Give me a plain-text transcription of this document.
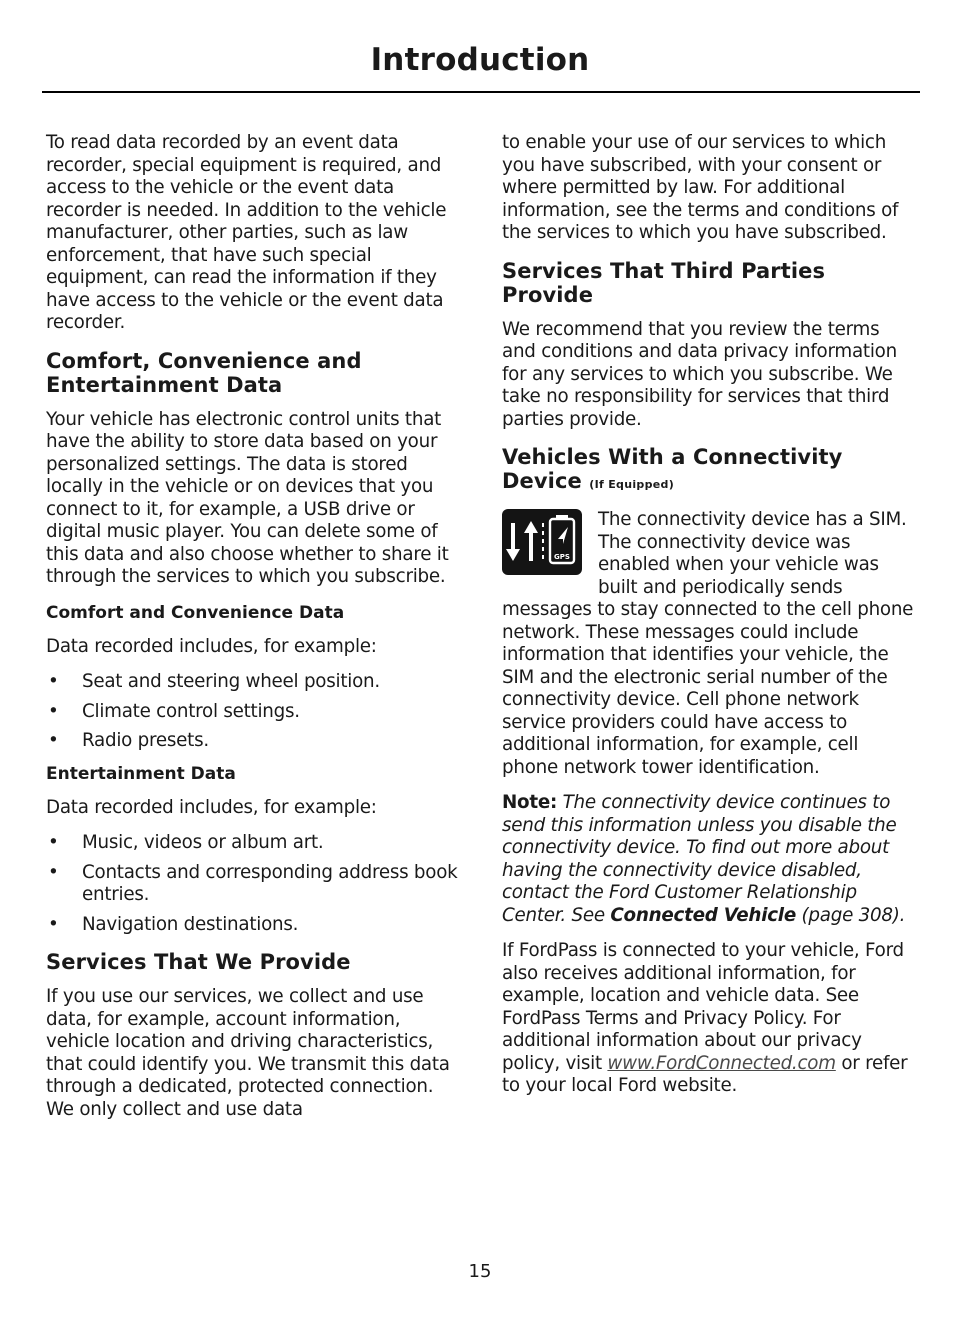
Introduction

To read data recorded by an event data recorder, special equipment is required, and access to the vehicle or the event data recorder is needed. In addition to the vehicle manufacturer, other parties, such as law enforcement, that have such special equipment, can read the information if they have access to the vehicle or the event data recorder.

Comfort, Convenience and
Entertainment Data

Your vehicle has electronic control units that have the ability to store data based on your personalized settings. The data is stored locally in the vehicle or on devices that you connect to it, for example, a USB drive or digital music player. You can delete some of this data and also choose whether to share it through the services to which you subscribe.

Comfort and Convenience Data

Data recorded includes, for example:

• Seat and steering wheel position.
• Climate control settings.
• Radio presets.
Entertainment Data

Data recorded includes, for example:

• Music, videos or album art.
• Contacts and corresponding address book entries.
• Navigation destinations.
Services That We Provide

If you use our services, we collect and use data, for example, account information, vehicle location and driving characteristics, that could identify you. We transmit this data through a dedicated, protected connection. We only collect and use data

to enable your use of our services to which you have subscribed, with your consent or where permitted by law. For additional information, see the terms and conditions of the services to which you have subscribed.

Services That Third Parties
Provide

We recommend that you review the terms and conditions and data privacy information for any services to which you subscribe. We take no responsibility for services that third parties provide.

Vehicles With a Connectivity
Device (If Equipped)
GPS

The connectivity device has a SIM. The connectivity device was enabled when your vehicle was built and periodically sends messages to stay connected to the cell phone network. These messages could include information that identifies your vehicle, the SIM and the electronic serial number of the connectivity device. Cell phone network service providers could have access to additional information, for example, cell phone network tower identification.

Note: The connectivity device continues to send this information unless you disable the connectivity device. To find out more about having the connectivity device disabled, contact the Ford Customer Relationship Center. See Connected Vehicle (page 308).

If FordPass is connected to your vehicle, Ford also receives additional information, for example, location and vehicle data. See FordPass Terms and Privacy Policy. For additional information about our privacy policy, visit www.FordConnected.com or refer to your local Ford website.

15
